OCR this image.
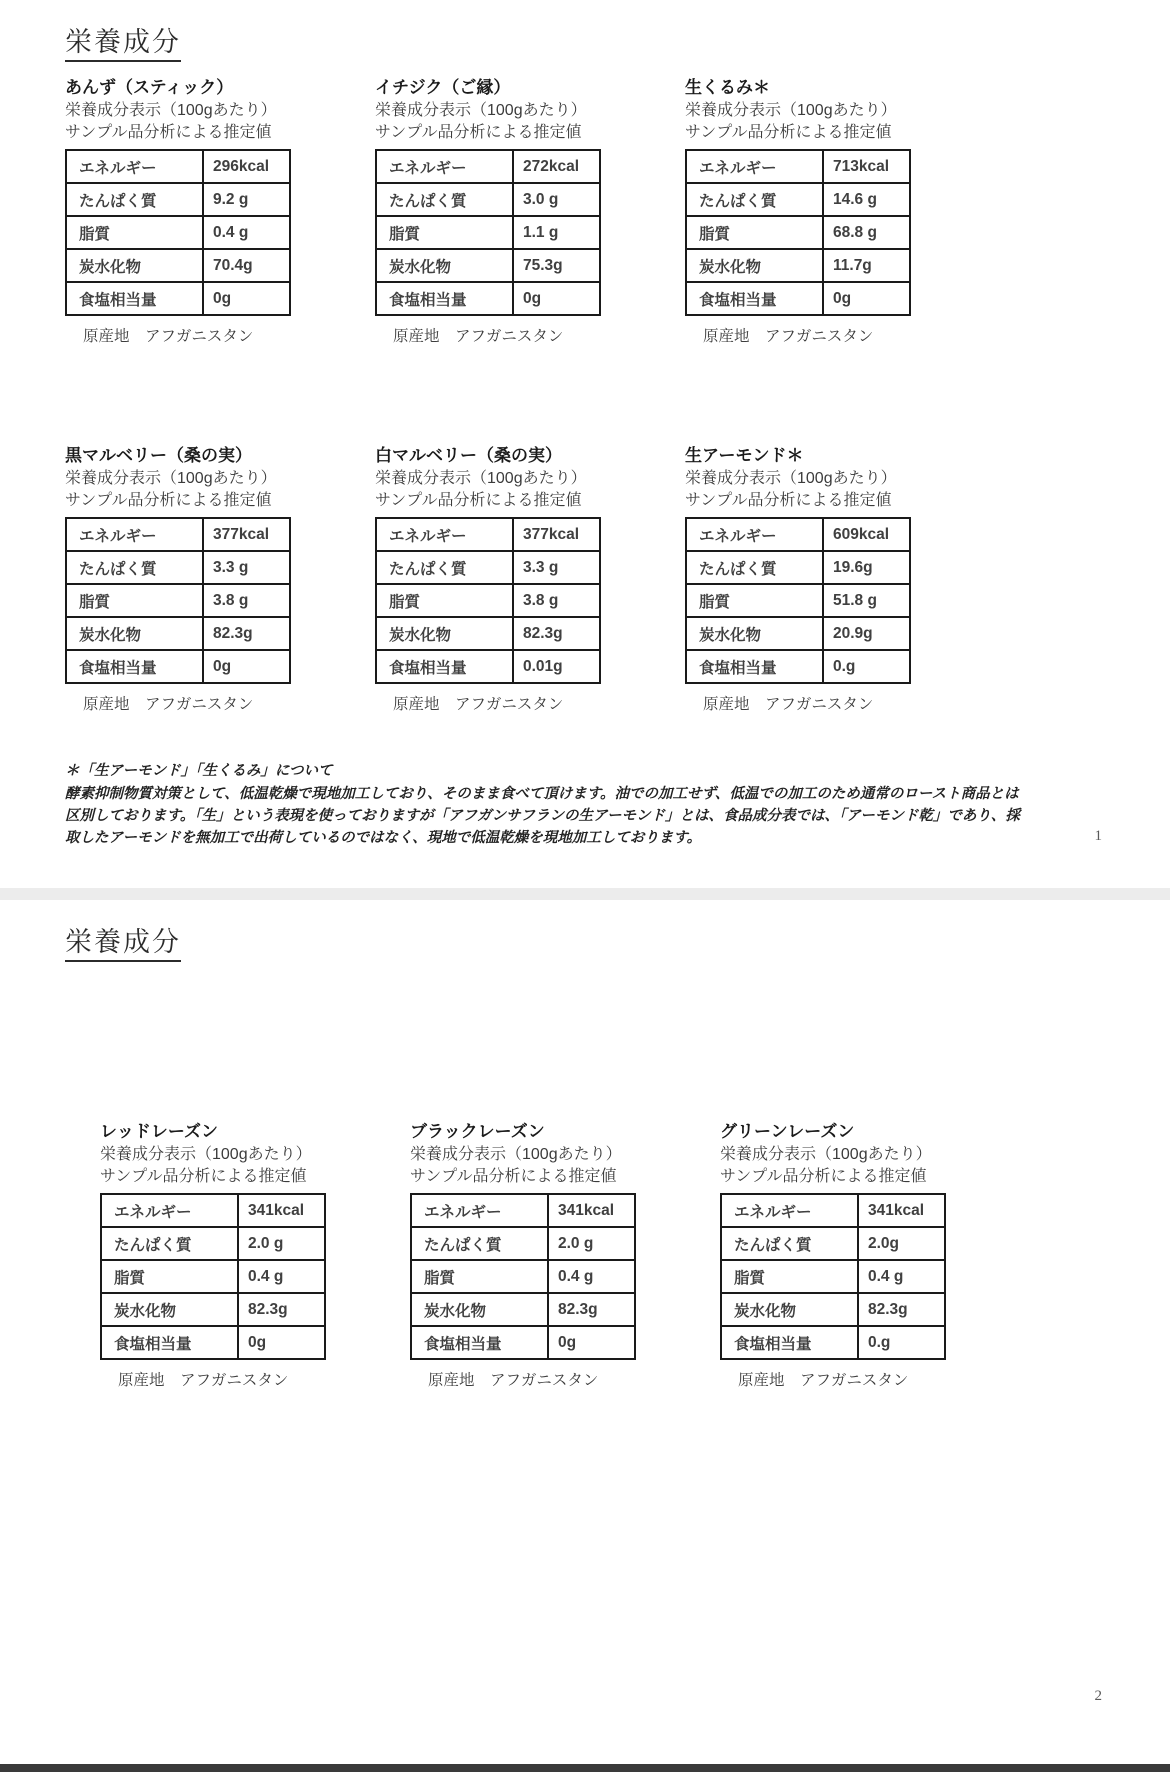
栄養成分
あんず（スティック）
栄養成分表示（100gあたり）
サンプル品分析による推定値
エネルギー	296kcal
たんぱく質	9.2 g
脂質	0.4 g
炭水化物	70.4g
食塩相当量	0g
原産地　アフガニスタン
イチジク（ご縁）
栄養成分表示（100gあたり）
サンプル品分析による推定値
エネルギー	272kcal
たんぱく質	3.0 g
脂質	1.1 g
炭水化物	75.3g
食塩相当量	0g
原産地　アフガニスタン
生くるみ＊
栄養成分表示（100gあたり）
サンプル品分析による推定値
エネルギー	713kcal
たんぱく質	14.6 g
脂質	68.8 g
炭水化物	11.7g
食塩相当量	0g
原産地　アフガニスタン
黒マルベリー（桑の実）
栄養成分表示（100gあたり）
サンプル品分析による推定値
エネルギー	377kcal
たんぱく質	3.3 g
脂質	3.8 g
炭水化物	82.3g
食塩相当量	0g
原産地　アフガニスタン
白マルベリー（桑の実）
栄養成分表示（100gあたり）
サンプル品分析による推定値
エネルギー	377kcal
たんぱく質	3.3 g
脂質	3.8 g
炭水化物	82.3g
食塩相当量	0.01g
原産地　アフガニスタン
生アーモンド＊
栄養成分表示（100gあたり）
サンプル品分析による推定値
エネルギー	609kcal
たんぱく質	19.6g
脂質	51.8 g
炭水化物	20.9g
食塩相当量	0.g
原産地　アフガニスタン
＊「生アーモンド」「生くるみ」について
酵素抑制物質対策として、低温乾燥で現地加工しており、そのまま食べて頂けます。油での加工せず、低温での加工のため通常のロースト商品とは区別しております。「生」という表現を使っておりますが「アフガンサフランの生アーモンド」とは、食品成分表では、「アーモンド乾」であり、採取したアーモンドを無加工で出荷しているのではなく、現地で低温乾燥を現地加工しております。	1
栄養成分
レッドレーズン
栄養成分表示（100gあたり）
サンプル品分析による推定値
エネルギー	341kcal
たんぱく質	2.0 g
脂質	0.4 g
炭水化物	82.3g
食塩相当量	0g
原産地　アフガニスタン
ブラックレーズン
栄養成分表示（100gあたり）
サンプル品分析による推定値
エネルギー	341kcal
たんぱく質	2.0 g
脂質	0.4 g
炭水化物	82.3g
食塩相当量	0g
原産地　アフガニスタン
グリーンレーズン
栄養成分表示（100gあたり）
サンプル品分析による推定値
エネルギー	341kcal
たんぱく質	2.0g
脂質	0.4 g
炭水化物	82.3g
食塩相当量	0.g
原産地　アフガニスタン
2
